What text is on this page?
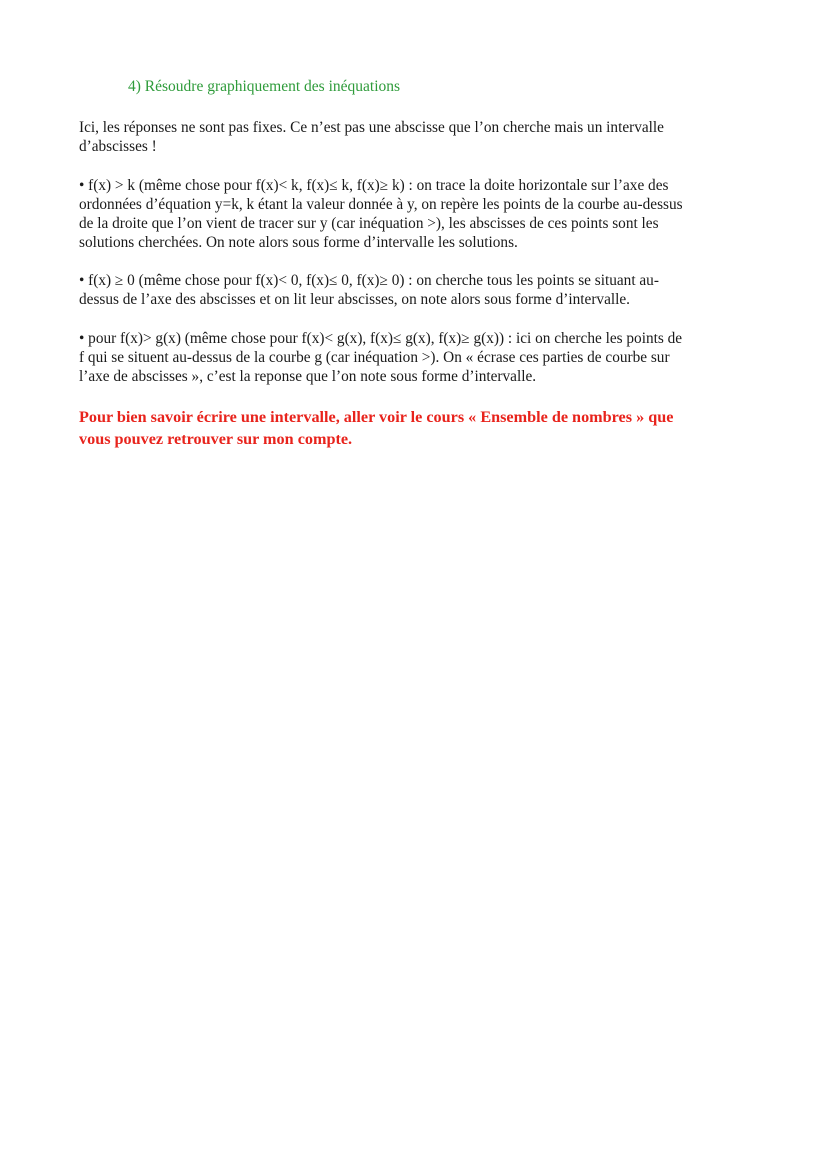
4) Résoudre graphiquement des inéquations

Ici, les réponses ne sont pas fixes. Ce n’est pas une abscisse que l’on cherche mais un intervalle
d’abscisses !

• f(x) > k (même chose pour f(x)< k, f(x)≤ k, f(x)≥ k) : on trace la doite horizontale sur l’axe des
ordonnées d’équation y=k, k étant la valeur donnée à y, on repère les points de la courbe au-dessus
de la droite que l’on vient de tracer sur y (car inéquation >), les abscisses de ces points sont les
solutions cherchées. On note alors sous forme d’intervalle les solutions.

• f(x) ≥ 0 (même chose pour f(x)< 0, f(x)≤ 0, f(x)≥ 0) : on cherche tous les points se situant au-
dessus de l’axe des abscisses et on lit leur abscisses, on note alors sous forme d’intervalle.

• pour f(x)> g(x) (même chose pour f(x)< g(x), f(x)≤ g(x), f(x)≥ g(x)) : ici on cherche les points de
f qui se situent au-dessus de la courbe g (car inéquation >). On « écrase ces parties de courbe sur
l’axe de abscisses », c’est la reponse que l’on note sous forme d’intervalle.

Pour bien savoir écrire une intervalle, aller voir le cours « Ensemble de nombres » que
vous pouvez retrouver sur mon compte.
